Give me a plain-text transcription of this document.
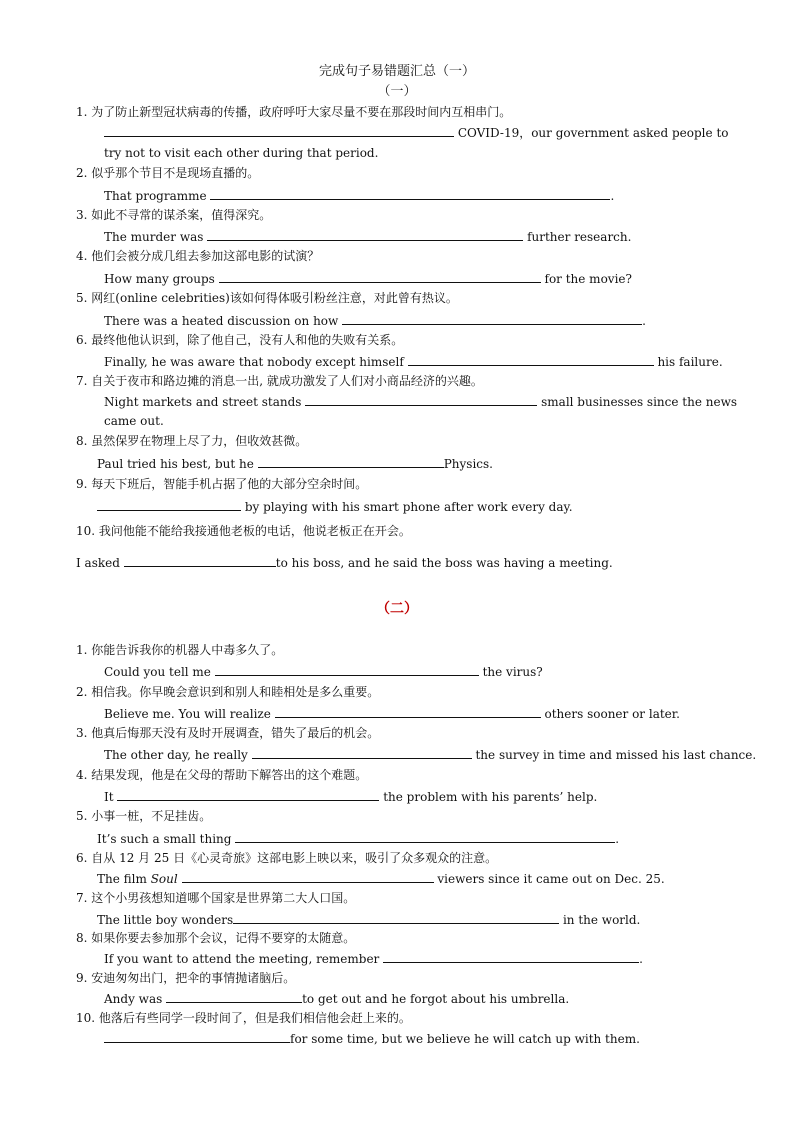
完成句子易错题汇总（一）
（一）
1. 为了防止新型冠状病毒的传播，政府呼吁大家尽量不要在那段时间内互相串门。
COVID-19，our government asked people to
try not to visit each other during that period.
2. 似乎那个节目不是现场直播的。
That programme	.
3. 如此不寻常的谋杀案，值得深究。
The murder was	further research.
4. 他们会被分成几组去参加这部电影的试演？
How many groups	for the movie?
5. 网红(online celebrities)该如何得体吸引粉丝注意，对此曾有热议。
There was a heated discussion on how	.
6. 最终他他认识到，除了他自己，没有人和他的失败有关系。
Finally, he was aware that nobody except himself	his failure.
7. 自关于夜市和路边摊的消息一出, 就成功激发了人们对小商品经济的兴趣。
Night markets and street stands	small businesses since the news
came out.
8. 虽然保罗在物理上尽了力，但收效甚微。
Paul tried his best, but he	Physics.
9. 每天下班后，智能手机占据了他的大部分空余时间。
by playing with his smart phone after work every day.
10. 我问他能不能给我接通他老板的电话，他说老板正在开会。
I asked	to his boss, and he said the boss was having a meeting.
（二）
1. 你能告诉我你的机器人中毒多久了。
Could you tell me	the virus?
2. 相信我。你早晚会意识到和别人和睦相处是多么重要。
Believe me. You will realize	others sooner or later.
3. 他真后悔那天没有及时开展调查，错失了最后的机会。
The other day, he really	the survey in time and missed his last chance.
4. 结果发现，他是在父母的帮助下解答出的这个难题。
It	the problem with his parents’ help.
5. 小事一桩，不足挂齿。
It’s such a small thing	.
6. 自从 12 月 25 日《心灵奇旅》这部电影上映以来，吸引了众多观众的注意。
The film Soul	viewers since it came out on Dec. 25.
7. 这个小男孩想知道哪个国家是世界第二大人口国。
The little boy wonders	in the world.
8. 如果你要去参加那个会议，记得不要穿的太随意。
If you want to attend the meeting, remember	.
9. 安迪匆匆出门，把伞的事情抛诸脑后。
Andy was	to get out and he forgot about his umbrella.
10. 他落后有些同学一段时间了，但是我们相信他会赶上来的。
for some time, but we believe he will catch up with them.
